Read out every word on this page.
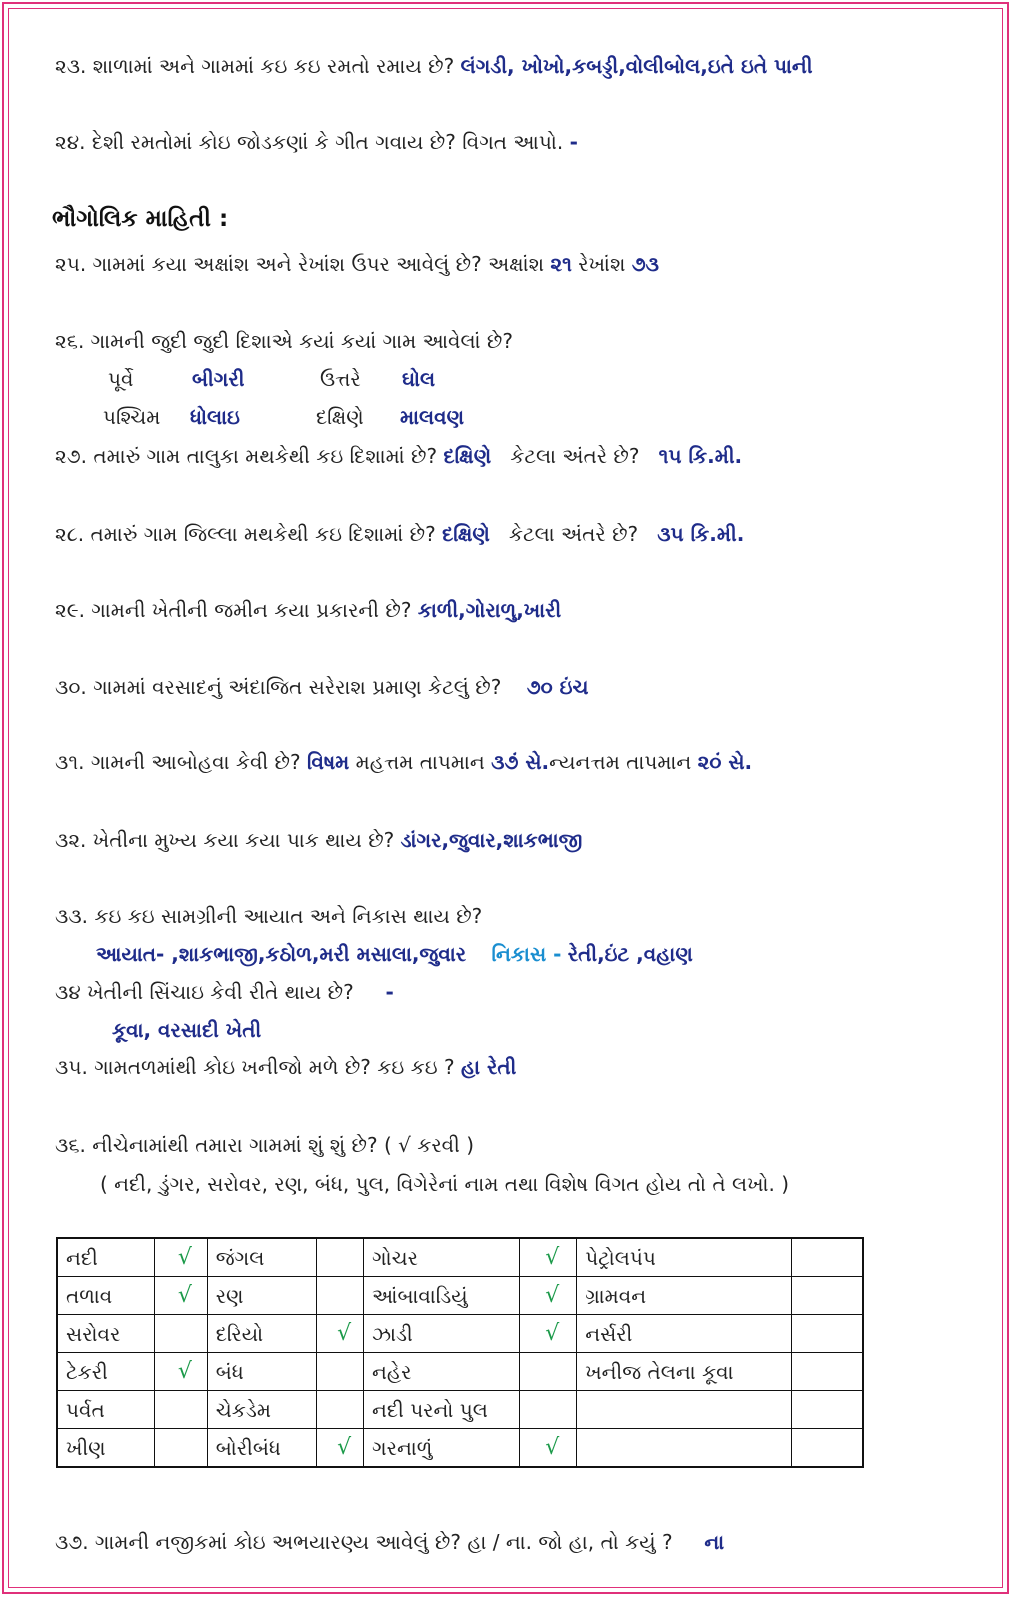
૨૩. શાળામાં અને ગામમાં કઇ કઇ રમતો રમાય છે? લંગડી, ખોખો,કબડ્ડી,વોલીબોલ,ઇતે ઇતે પાની
૨૪. દેશી રમતોમાં કોઇ જોડકણાં કે ગીત ગવાય છે? વિગત આપો. -
ભૌગોલિક માહિતી :
૨૫. ગામમાં કયા અક્ષાંશ અને રેખાંશ ઉપર આવેલું છે? અક્ષાંશ ૨૧ રેખાંશ ૭૩
૨૬. ગામની જુદી જુદી દિશાએ કયાં કયાં ગામ આવેલાં છે?
પૂર્વે	બીગરી	ઉત્તરે ઘોલ
પશ્ચિમ ધોલાઇ	દક્ષિણે માલવણ
૨૭. તમારું ગામ તાલુકા મથકેથી કઇ દિશામાં છે? દક્ષિણે કેટલા અંતરે છે? ૧૫ કિ.મી.
૨૮. તમારું ગામ જિલ્લા મથકેથી કઇ દિશામાં છે? દક્ષિણે કેટલા અંતરે છે? ૩૫ કિ.મી.
૨૯. ગામની ખેતીની જમીન કયા પ્રકારની છે? કાળી,ગોરાળુ,ખારી
૩૦. ગામમાં વરસાદનું અંદાજિત સરેરાશ પ્રમાણ કેટલું છે? ૭૦ ઇંચ
૩૧. ગામની આબોહવા કેવી છે? વિષમ મહત્તમ તાપમાન ૩૭ં સે.ન્યનત્તમ તાપમાન ૨૦ં સે.
૩૨. ખેતીના મુખ્ય કયા કયા પાક થાય છે? ડાંગર,જુવાર,શાકભાજી
૩૩. કઇ કઇ સામગ્રીની આયાત અને નિકાસ થાય છે?
આયાત- ,શાકભાજી,કઠોળ,મરી મસાલા,જુવાર નિકાસ - રેતી,ઇંટ ,વહાણ
૩૪ ખેતીની સિંચાઇ કેવી રીતે થાય છે? -
કૂવા, વરસાદી ખેતી
૩૫. ગામતળમાંથી કોઇ ખનીજો મળે છે? કઇ કઇ ? હા રેતી
૩૬. નીચેનામાંથી તમારા ગામમાં શું શું છે? ( √ કરવી )
( નદી, ડુંગર, સરોવર, રણ, બંધ, પુલ, વિગેરેનાં નામ તથા વિશેષ વિગત હોય તો તે લખો. )
નદી	√	જંગલ		ગોચર	√	પેટ્રોલપંપ	
તળાવ	√	રણ		આંબાવાડિયું	√	ગ્રામવન	
સરોવર		દરિયો	√	ઝાડી	√	નર્સરી	
ટેકરી	√	બંધ		નહેર		ખનીજ તેલના કૂવા	
પર્વત		ચેકડેમ		નદી પરનો પુલ			
ખીણ		બોરીબંધ	√	ગરનાળું	√		
૩૭. ગામની નજીકમાં કોઇ અભયારણ્ય આવેલું છે? હા / ના. જો હા, તો કયું ? ના
